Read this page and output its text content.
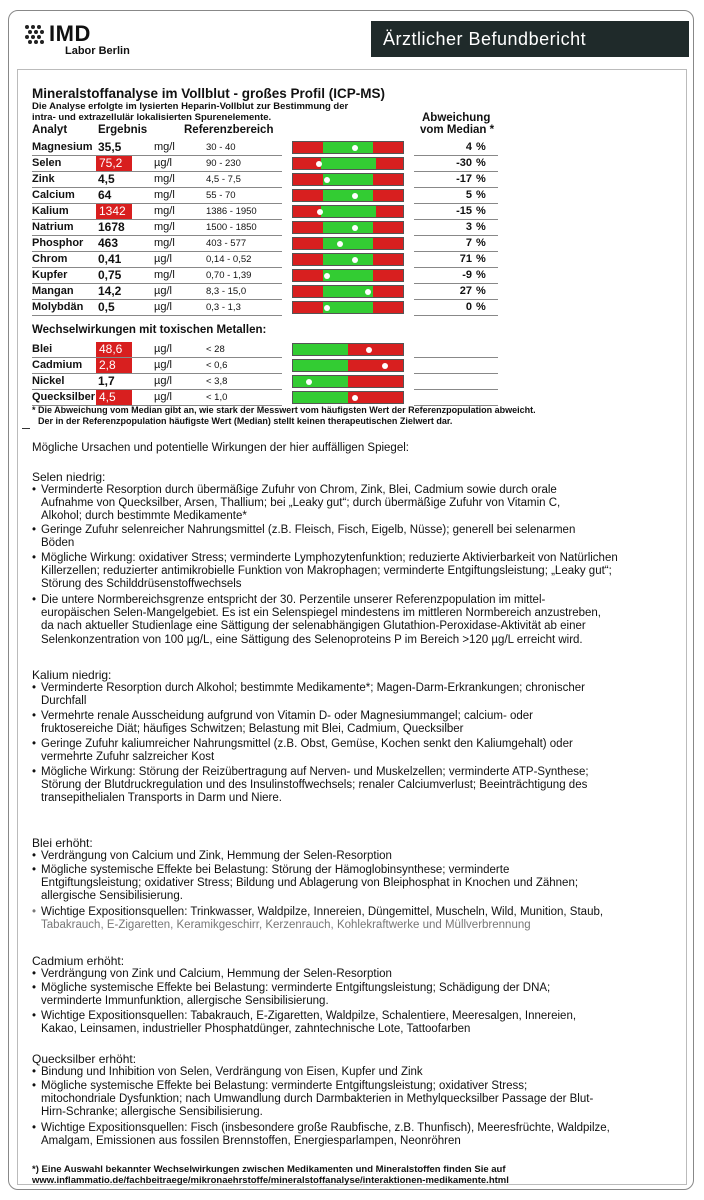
IMD
Labor Berlin
Ärztlicher Befundbericht
Mineralstoffanalyse im Vollblut - großes Profil (ICP-MS)
Die Analyse erfolgte im lysierten Heparin-Vollblut zur Bestimmung der
intra- und extrazellulär lokalisierten Spurenelemente.
Analyt	Ergebnis	Referenzbereich
Abweichung
vom Median *
Magnesium 35,5	mg/l	30 - 40	4 %
Selen	75,2	µg/l	90 - 230	-30 %
Zink	4,5	mg/l	4,5 - 7,5	-17 %
Calcium 64	mg/l	55 - 70	5 %
Kalium	1342	mg/l	1386 - 1950	-15 %
Natrium 1678	mg/l	1500 - 1850	3 %
Phosphor 463	mg/l	403 - 577	7 %
Chrom	0,41	µg/l	0,14 - 0,52	71 %
Kupfer	0,75	mg/l	0,70 - 1,39	-9 %
Mangan 14,2	µg/l	8,3 - 15,0	27 %
Molybdän 0,5	µg/l	0,3 - 1,3	0 %
Wechselwirkungen mit toxischen Metallen:
Blei	48,6	µg/l	< 28
Cadmium 2,8	µg/l	< 0,6
Nickel	1,7	µg/l	< 3,8
Quecksilber 4,5	µg/l	< 1,0
* Die Abweichung vom Median gibt an, wie stark der Messwert vom häufigsten Wert der Referenzpopulation abweicht.
Der in der Referenzpopulation häufigste Wert (Median) stellt keinen therapeutischen Zielwert dar.
Mögliche Ursachen und potentielle Wirkungen der hier auffälligen Spiegel:
Selen niedrig:
• Verminderte Resorption durch übermäßige Zufuhr von Chrom, Zink, Blei, Cadmium sowie durch orale
Aufnahme von Quecksilber, Arsen, Thallium; bei „Leaky gut“; durch übermäßige Zufuhr von Vitamin C,
Alkohol; durch bestimmte Medikamente*
• Geringe Zufuhr selenreicher Nahrungsmittel (z.B. Fleisch, Fisch, Eigelb, Nüsse); generell bei selenarmen
Böden
• Mögliche Wirkung: oxidativer Stress; verminderte Lymphozytenfunktion; reduzierte Aktivierbarkeit von Natürlichen
Killerzellen; reduzierter antimikrobielle Funktion von Makrophagen; verminderte Entgiftungsleistung; „Leaky gut“;
Störung des Schilddrüsenstoffwechsels
• Die untere Normbereichsgrenze entspricht der 30. Perzentile unserer Referenzpopulation im mittel-
europäischen Selen-Mangelgebiet. Es ist ein Selenspiegel mindestens im mittleren Normbereich anzustreben,
da nach aktueller Studienlage eine Sättigung der selenabhängigen Glutathion-Peroxidase-Aktivität ab einer
Selenkonzentration von 100 µg/L, eine Sättigung des Selenoproteins P im Bereich >120 µg/L erreicht wird.
Kalium niedrig:
• Verminderte Resorption durch Alkohol; bestimmte Medikamente*; Magen-Darm-Erkrankungen; chronischer
Durchfall
• Vermehrte renale Ausscheidung aufgrund von Vitamin D- oder Magnesiummangel; calcium- oder
fruktosereiche Diät; häufiges Schwitzen; Belastung mit Blei, Cadmium, Quecksilber
• Geringe Zufuhr kaliumreicher Nahrungsmittel (z.B. Obst, Gemüse, Kochen senkt den Kaliumgehalt) oder
vermehrte Zufuhr salzreicher Kost
• Mögliche Wirkung: Störung der Reizübertragung auf Nerven- und Muskelzellen; verminderte ATP-Synthese;
Störung der Blutdruckregulation und des Insulinstoffwechsels; renaler Calciumverlust; Beeinträchtigung des
transepithelialen Transports in Darm und Niere.
Blei erhöht:
• Verdrängung von Calcium und Zink, Hemmung der Selen-Resorption
• Mögliche systemische Effekte bei Belastung: Störung der Hämoglobinsynthese; verminderte
Entgiftungsleistung; oxidativer Stress; Bildung und Ablagerung von Bleiphosphat in Knochen und Zähnen;
allergische Sensibilisierung.
• Wichtige Expositionsquellen: Trinkwasser, Waldpilze, Innereien, Düngemittel, Muscheln, Wild, Munition, Staub,
Tabakrauch, E-Zigaretten, Keramikgeschirr, Kerzenrauch, Kohlekraftwerke und Müllverbrennung
Cadmium erhöht:
• Verdrängung von Zink und Calcium, Hemmung der Selen-Resorption
• Mögliche systemische Effekte bei Belastung: verminderte Entgiftungsleistung; Schädigung der DNA;
verminderte Immunfunktion, allergische Sensibilisierung.
• Wichtige Expositionsquellen: Tabakrauch, E-Zigaretten, Waldpilze, Schalentiere, Meeresalgen, Innereien,
Kakao, Leinsamen, industrieller Phosphatdünger, zahntechnische Lote, Tattoofarben
Quecksilber erhöht:
• Bindung und Inhibition von Selen, Verdrängung von Eisen, Kupfer und Zink
• Mögliche systemische Effekte bei Belastung: verminderte Entgiftungsleistung; oxidativer Stress;
mitochondriale Dysfunktion; nach Umwandlung durch Darmbakterien in Methylquecksilber Passage der Blut-
Hirn-Schranke; allergische Sensibilisierung.
• Wichtige Expositionsquellen: Fisch (insbesondere große Raubfische, z.B. Thunfisch), Meeresfrüchte, Waldpilze,
Amalgam, Emissionen aus fossilen Brennstoffen, Energiesparlampen, Neonröhren
*) Eine Auswahl bekannter Wechselwirkungen zwischen Medikamenten und Mineralstoffen finden Sie auf
www.inflammatio.de/fachbeitraege/mikronaehrstoffe/mineralstoffanalyse/interaktionen-medikamente.html
